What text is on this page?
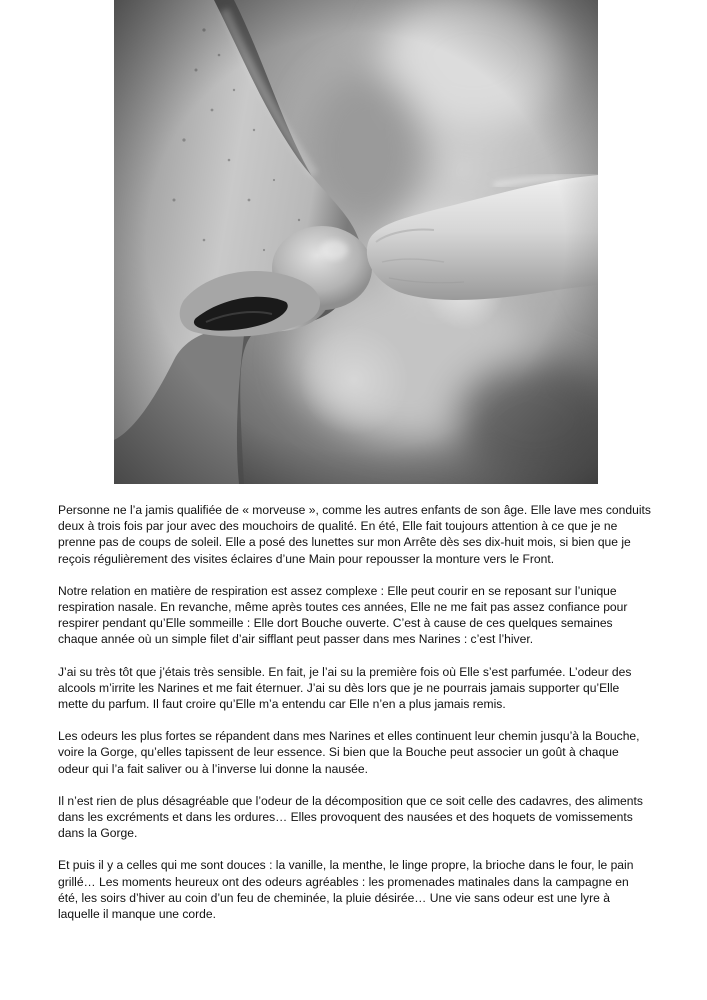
Personne ne l’a jamis qualifiée de « morveuse », comme les autres enfants de son âge. Elle lave mes conduits deux à trois fois par jour avec des mouchoirs de qualité. En été, Elle fait toujours attention à ce que je ne prenne pas de coups de soleil. Elle a posé des lunettes sur mon Arrête dès ses dix-huit mois, si bien que je reçois régulièrement des visites éclaires d’une Main pour repousser la monture vers le Front.

Notre relation en matière de respiration est assez complexe : Elle peut courir en se reposant sur l’unique respiration nasale. En revanche, même après toutes ces années, Elle ne me fait pas assez confiance pour respirer pendant qu’Elle sommeille : Elle dort Bouche ouverte. C’est à cause de ces quelques semaines chaque année où un simple filet d’air sifflant peut passer dans mes Narines : c’est l’hiver.

J’ai su très tôt que j’étais très sensible. En fait, je l’ai su la première fois où Elle s’est parfumée. L’odeur des alcools m’irrite les Narines et me fait éternuer. J’ai su dès lors que je ne pourrais jamais supporter qu’Elle mette du parfum. Il faut croire qu’Elle m’a entendu car Elle n’en a plus jamais remis.

Les odeurs les plus fortes se répandent dans mes Narines et elles continuent leur chemin jusqu’à la Bouche, voire la Gorge, qu’elles tapissent de leur essence. Si bien que la Bouche peut associer un goût à chaque odeur qui l’a fait saliver ou à l’inverse lui donne la nausée.

Il n’est rien de plus désagréable que l’odeur de la décomposition que ce soit celle des cadavres, des aliments dans les excréments et dans les ordures… Elles provoquent des nausées et des hoquets de vomissements dans la Gorge.

Et puis il y a celles qui me sont douces : la vanille, la menthe, le linge propre, la brioche dans le four, le pain grillé… Les moments heureux ont des odeurs agréables : les promenades matinales dans la campagne en été, les soirs d’hiver au coin d’un feu de cheminée, la pluie désirée… Une vie sans odeur est une lyre à laquelle il manque une corde.
